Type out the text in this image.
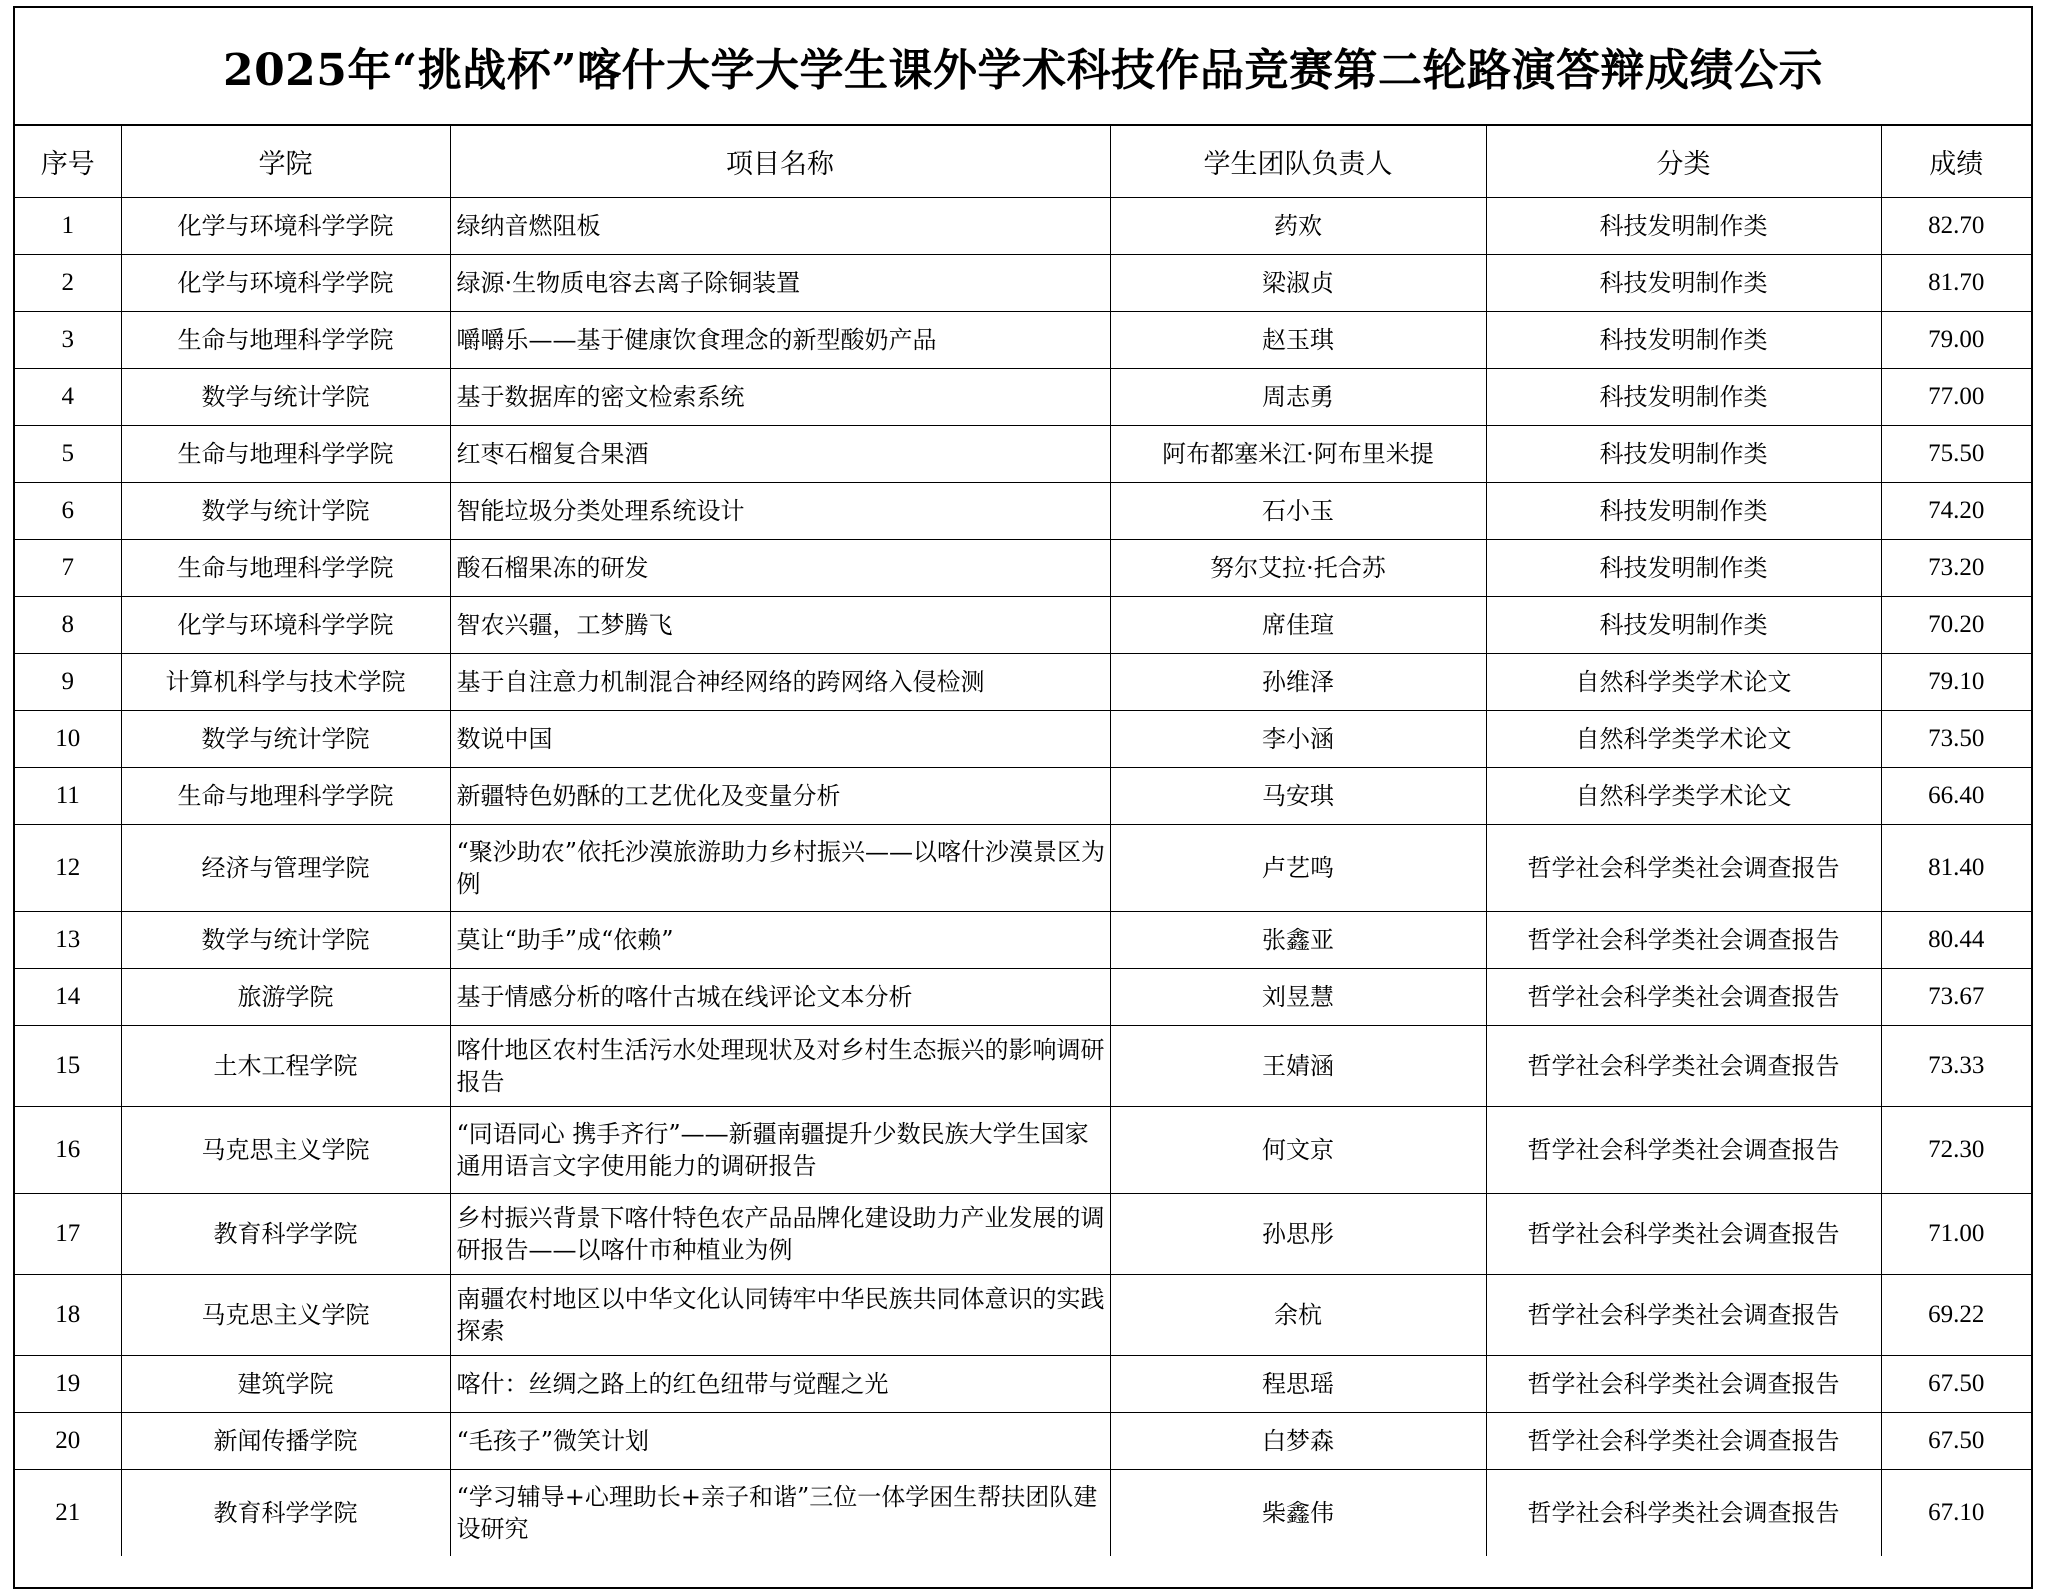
2025年“挑战杯”喀什大学大学生课外学术科技作品竞赛第二轮路演答辩成绩公示
序号	学院	项目名称	学生团队负责人	分类	成绩
1	化学与环境科学学院	绿纳音燃阻板	药欢	科技发明制作类	82.70
2	化学与环境科学学院	绿源·生物质电容去离子除铜装置	梁淑贞	科技发明制作类	81.70
3	生命与地理科学学院	嚼嚼乐——基于健康饮食理念的新型酸奶产品	赵玉琪	科技发明制作类	79.00
4	数学与统计学院	基于数据库的密文检索系统	周志勇	科技发明制作类	77.00
5	生命与地理科学学院	红枣石榴复合果酒	阿布都塞米江·阿布里米提	科技发明制作类	75.50
6	数学与统计学院	智能垃圾分类处理系统设计	石小玉	科技发明制作类	74.20
7	生命与地理科学学院	酸石榴果冻的研发	努尔艾拉·托合苏	科技发明制作类	73.20
8	化学与环境科学学院	智农兴疆，工梦腾飞	席佳瑄	科技发明制作类	70.20
9	计算机科学与技术学院	基于自注意力机制混合神经网络的跨网络入侵检测	孙维泽	自然科学类学术论文	79.10
10	数学与统计学院	数说中国	李小涵	自然科学类学术论文	73.50
11	生命与地理科学学院	新疆特色奶酥的工艺优化及变量分析	马安琪	自然科学类学术论文	66.40
12	经济与管理学院	“聚沙助农”依托沙漠旅游助力乡村振兴——以喀什沙漠景区为例	卢艺鸣	哲学社会科学类社会调查报告	81.40
13	数学与统计学院	莫让“助手”成“依赖”	张鑫亚	哲学社会科学类社会调查报告	80.44
14	旅游学院	基于情感分析的喀什古城在线评论文本分析	刘昱慧	哲学社会科学类社会调查报告	73.67
15	土木工程学院	喀什地区农村生活污水处理现状及对乡村生态振兴的影响调研报告	王婧涵	哲学社会科学类社会调查报告	73.33
16	马克思主义学院	“同语同心 携手齐行”——新疆南疆提升少数民族大学生国家通用语言文字使用能力的调研报告	何文京	哲学社会科学类社会调查报告	72.30
17	教育科学学院	乡村振兴背景下喀什特色农产品品牌化建设助力产业发展的调研报告——以喀什市种植业为例	孙思彤	哲学社会科学类社会调查报告	71.00
18	马克思主义学院	南疆农村地区以中华文化认同铸牢中华民族共同体意识的实践探索	余杭	哲学社会科学类社会调查报告	69.22
19	建筑学院	喀什：丝绸之路上的红色纽带与觉醒之光	程思瑶	哲学社会科学类社会调查报告	67.50
20	新闻传播学院	“毛孩子”微笑计划	白梦森	哲学社会科学类社会调查报告	67.50
21	教育科学学院	“学习辅导+心理助长+亲子和谐”三位一体学困生帮扶团队建设研究	柴鑫伟	哲学社会科学类社会调查报告	67.10
